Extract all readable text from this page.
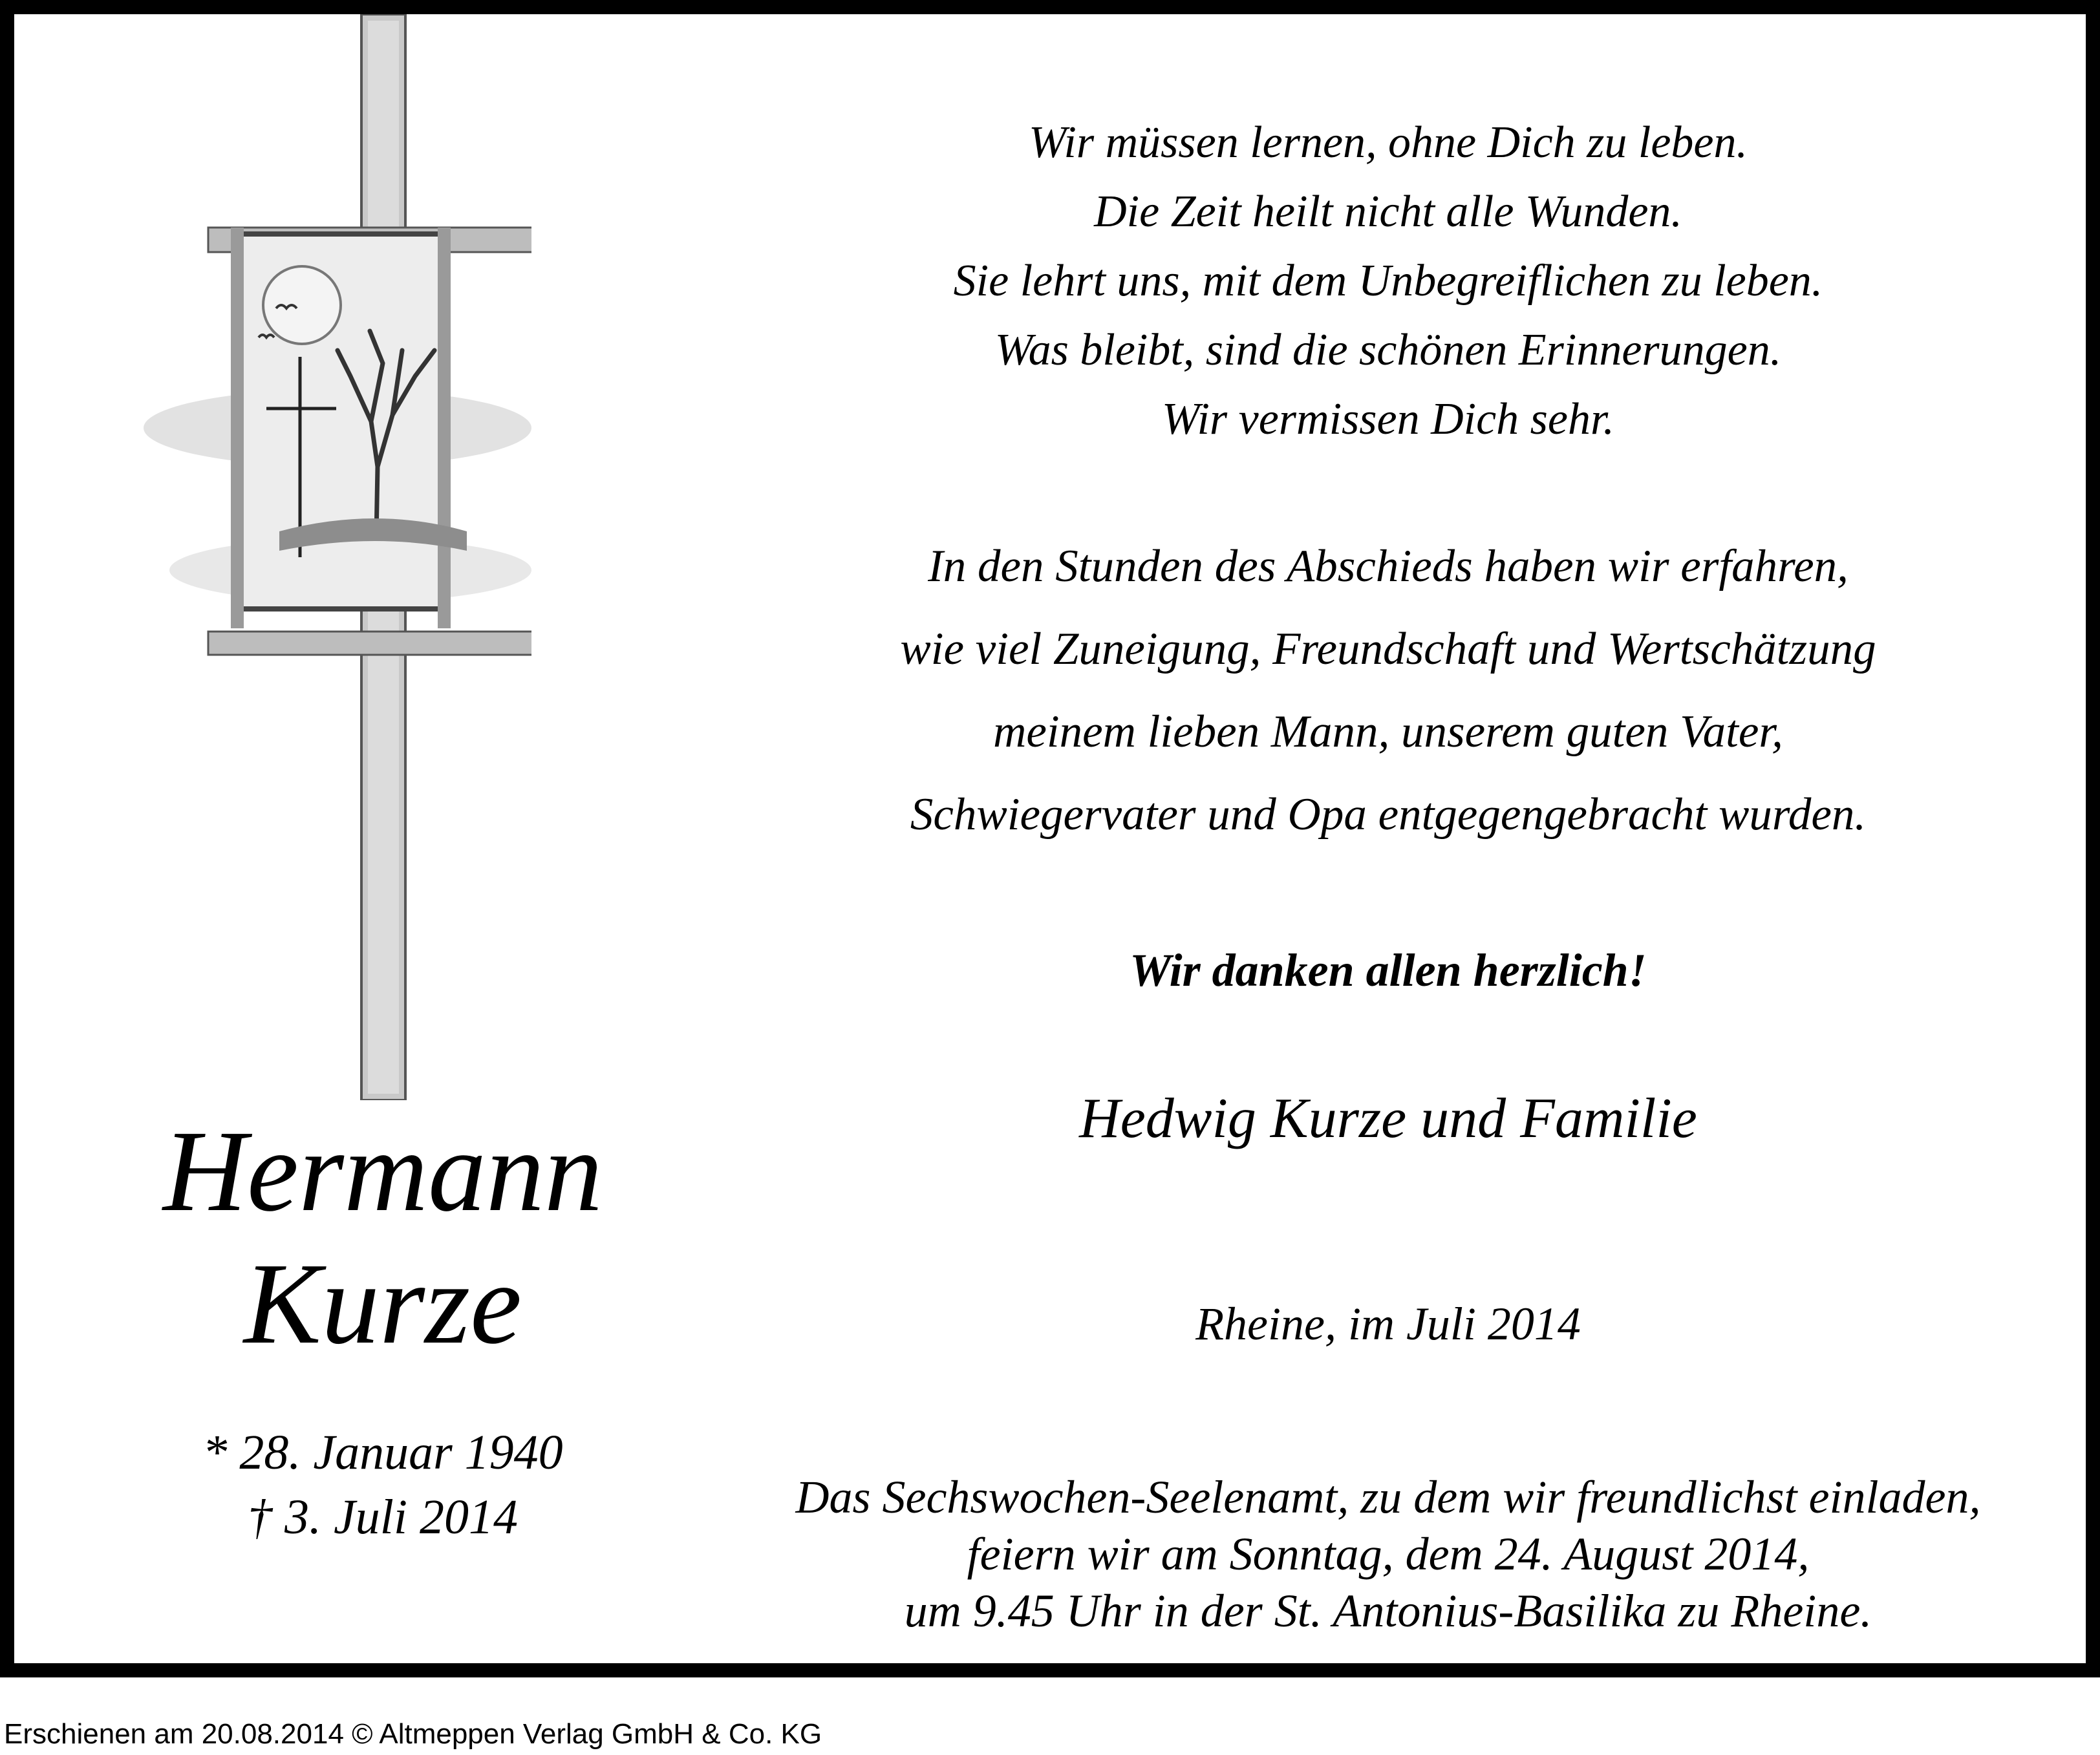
Wir müssen lernen, ohne Dich zu leben.
Die Zeit heilt nicht alle Wunden.
Sie lehrt uns, mit dem Unbegreiflichen zu leben.
Was bleibt, sind die schönen Erinnerungen.
Wir vermissen Dich sehr.
In den Stunden des Abschieds haben wir erfahren,
wie viel Zuneigung, Freundschaft und Wertschätzung
meinem lieben Mann, unserem guten Vater,
Schwiegervater und Opa entgegengebracht wurden.
Wir danken allen herzlich!
Hedwig Kurze und Familie
Rheine, im Juli 2014
Das Sechswochen-Seelenamt, zu dem wir freundlichst einladen,
feiern wir am Sonntag, dem 24. August 2014,
um 9.45 Uhr in der St. Antonius-Basilika zu Rheine.
Hermann
Kurze
* 28. Januar 1940
† 3. Juli 2014
Erschienen am 20.08.2014 © Altmeppen Verlag GmbH & Co. KG
